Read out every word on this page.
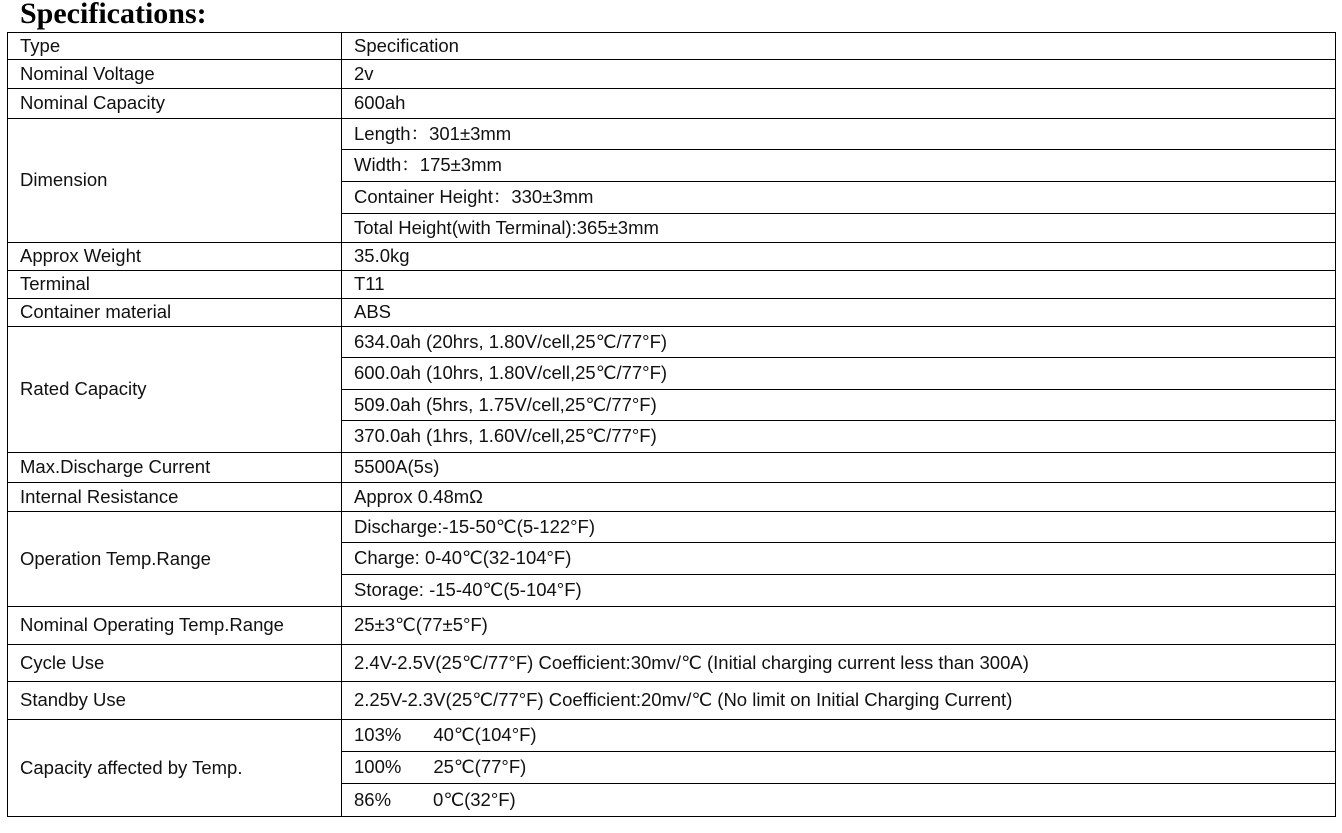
Specifications:
Type	Specification
Nominal Voltage	2v
Nominal Capacity	600ah
Dimension	Length：301±3mm
	Width：175±3mm
	Container Height：330±3mm
	Total Height(with Terminal):365±3mm
Approx Weight	35.0kg
Terminal	T11
Container material	ABS
Rated Capacity	634.0ah (20hrs, 1.80V/cell,25℃/77°F)
	600.0ah (10hrs, 1.80V/cell,25℃/77°F)
	509.0ah (5hrs, 1.75V/cell,25℃/77°F)
	370.0ah (1hrs, 1.60V/cell,25℃/77°F)
Max.Discharge Current	5500A(5s)
Internal Resistance	Approx 0.48mΩ
Operation Temp.Range	Discharge:-15-50℃(5-122°F)
	Charge: 0-40℃(32-104°F)
	Storage: -15-40℃(5-104°F)
Nominal Operating Temp.Range	25±3℃(77±5°F)
Cycle Use	2.4V-2.5V(25℃/77°F) Coefficient:30mv/℃ (Initial charging current less than 300A)
Standby Use	2.25V-2.3V(25℃/77°F) Coefficient:20mv/℃ (No limit on Initial Charging Current)
Capacity affected by Temp.	103% 40℃(104°F)
	100% 25℃(77°F)
	86% 0℃(32°F)
